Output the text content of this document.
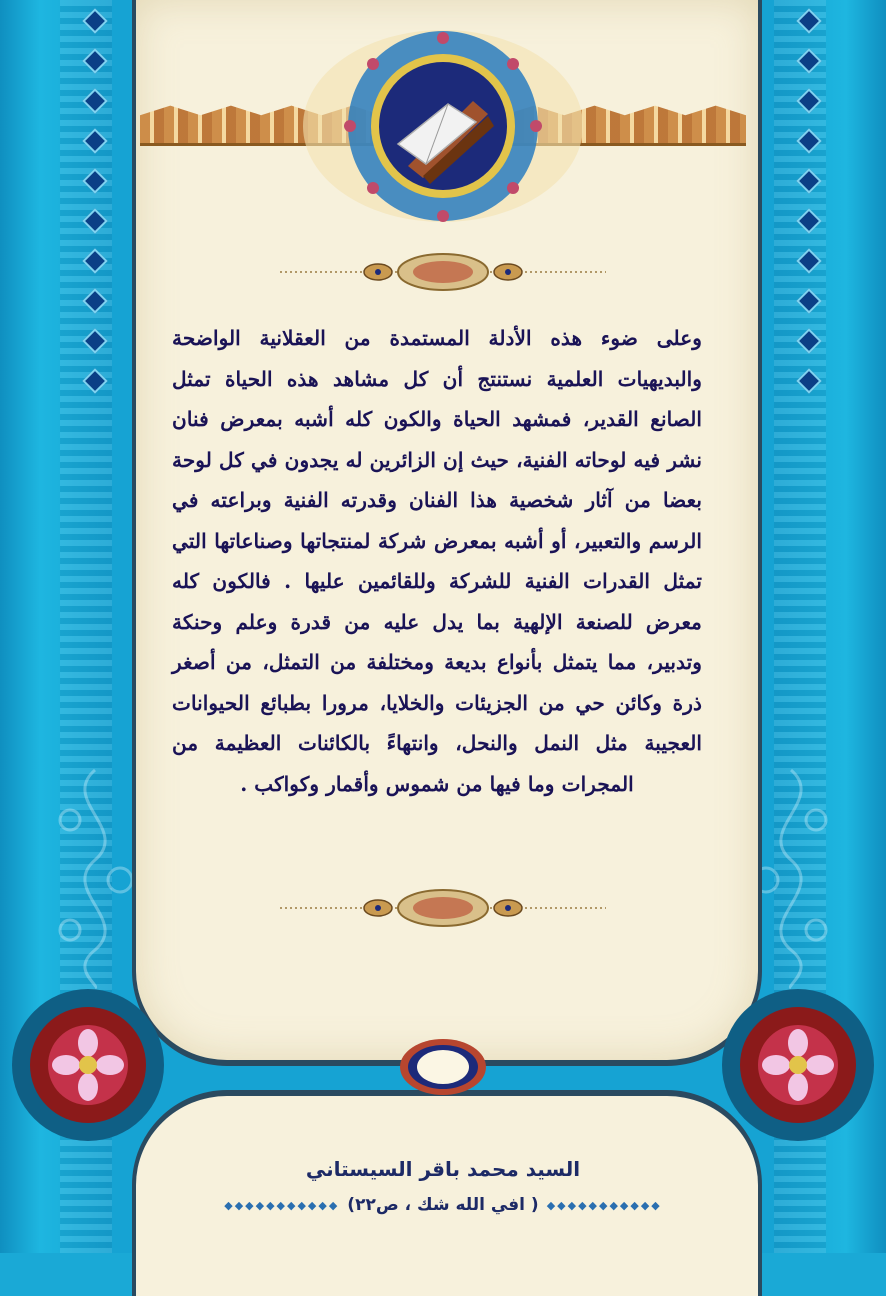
وعلى ضوء هذه الأدلة المستمدة من العقلانية الواضحة والبديهيات العلمية نستنتج أن كل مشاهد هذه الحياة تمثل الصانع القدير، فمشهد الحياة والكون كله أشبه بمعرض فنان نشر فيه لوحاته الفنية، حيث إن الزائرين له يجدون في كل لوحة بعضا من آثار شخصية هذا الفنان وقدرته الفنية وبراعته في الرسم والتعبير، أو أشبه بمعرض شركة لمنتجاتها وصناعاتها التي تمثل القدرات الفنية للشركة وللقائمين عليها . فالكون كله معرض للصنعة الإلهية بما يدل عليه من قدرة وعلم وحنكة وتدبير، مما يتمثل بأنواع بديعة ومختلفة من التمثل، من أصغر ذرة وكائن حي من الجزيئات والخلايا، مرورا بطبائع الحيوانات العجيبة مثل النمل والنحل، وانتهاءً بالكائنات العظيمة من المجرات وما فيها من شموس وأقمار وكواكب .
السيد محمد باقر السيستاني
◆◆◆◆◆◆◆◆◆◆◆ ( افي الله شك ، ص٢٢) ◆◆◆◆◆◆◆◆◆◆◆
